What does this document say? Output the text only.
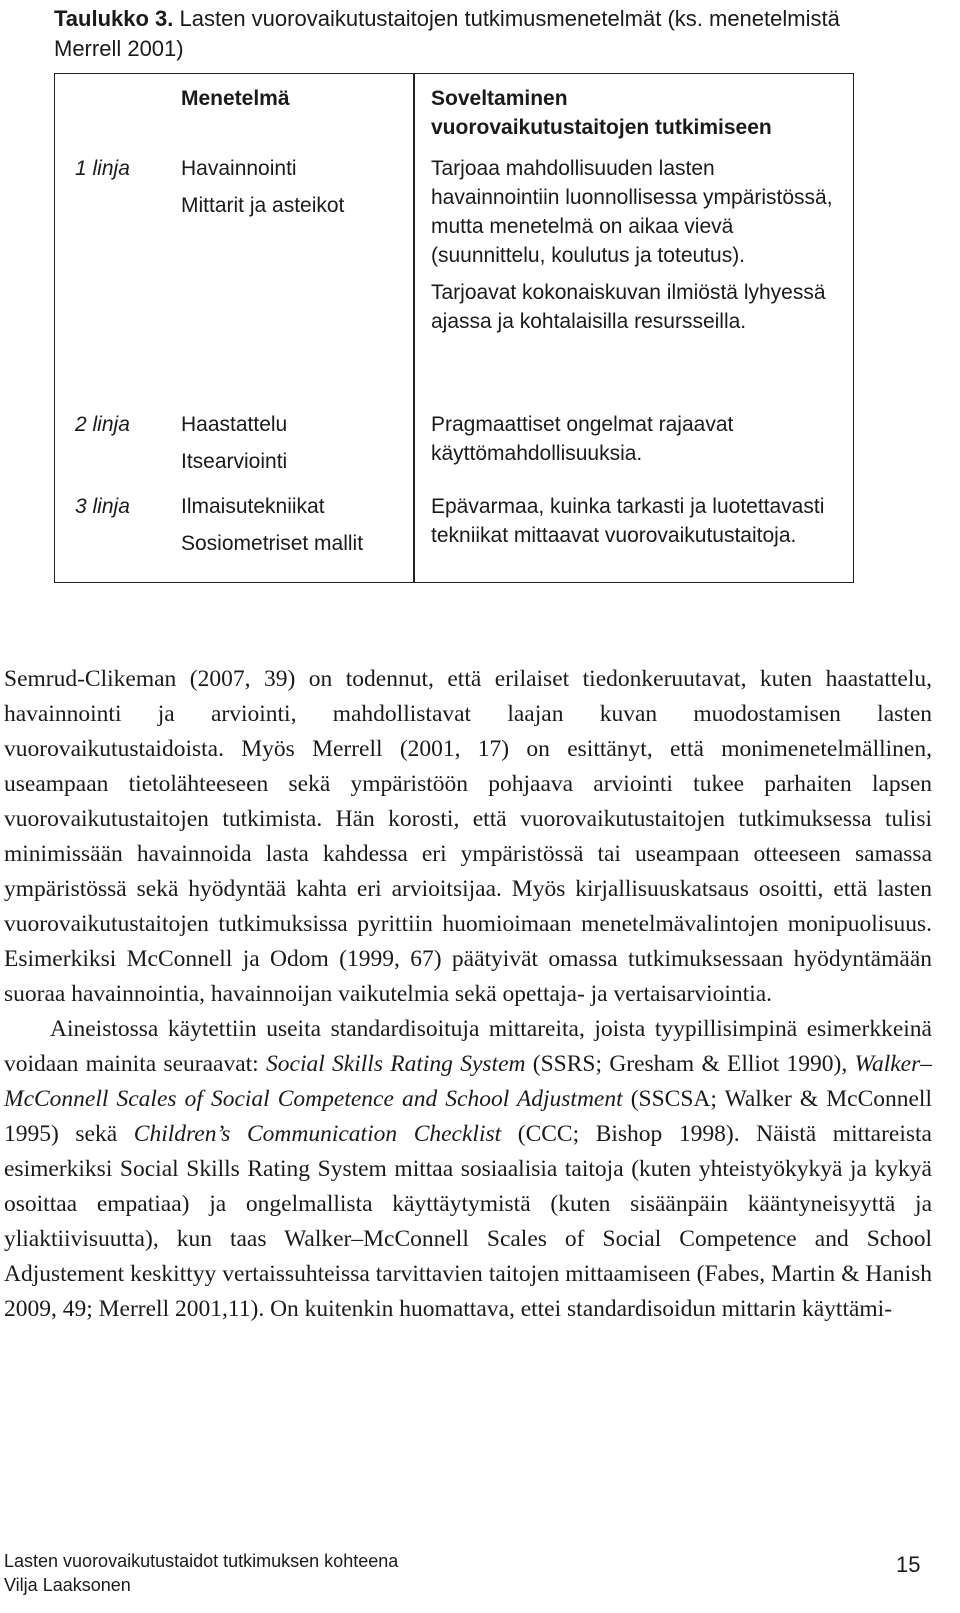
Taulukko 3. Lasten vuorovaikutustaitojen tutkimusmenetelmät (ks. menetelmistä Merrell 2001)
Menetelmä	Soveltaminen
vuorovaikutustaitojen tutkimiseen
1 linja Havainnointi
Mittarit ja asteikot

Tarjoaa mahdollisuuden lasten havainnointiin luonnollisessa ympäristössä, mutta menetelmä on aikaa vievä (suunnittelu, koulutus ja toteutus).

Tarjoavat kokonaiskuvan ilmiöstä lyhyessä ajassa ja kohtalaisilla resursseilla.

2 linja Haastattelu
Itsearviointi

Pragmaattiset ongelmat rajaavat käyttömahdollisuuksia.

3 linja Ilmaisutekniikat
Sosiometriset mallit

Epävarmaa, kuinka tarkasti ja luotettavasti tekniikat mittaavat vuorovaikutustaitoja.

Semrud-Clikeman (2007, 39) on todennut, että erilaiset tiedonkeruutavat, kuten haastattelu, havainnointi ja arviointi, mahdollistavat laajan kuvan muodostamisen lasten vuorovaikutustaidoista. Myös Merrell (2001, 17) on esittänyt, että monimenetelmällinen, useampaan tietolähteeseen sekä ympäristöön pohjaava arviointi tukee parhaiten lapsen vuorovaikutustaitojen tutkimista. Hän korosti, että vuorovaikutustaitojen tutkimuksessa tulisi minimissään havainnoida lasta kahdessa eri ympäristössä tai useampaan otteeseen samassa ympäristössä sekä hyödyntää kahta eri arvioitsijaa. Myös kirjallisuuskatsaus osoitti, että lasten vuorovaikutustaitojen tutkimuksissa pyrittiin huomioimaan menetelmävalintojen monipuolisuus. Esimerkiksi McConnell ja Odom (1999, 67) päätyivät omassa tutkimuksessaan hyödyntämään suoraa havainnointia, havainnoijan vaikutelmia sekä opettaja- ja vertaisarviointia.

Aineistossa käytettiin useita standardisoituja mittareita, joista tyypillisimpinä esimerkkeinä voidaan mainita seuraavat: Social Skills Rating System (SSRS; Gresham & Elliot 1990), Walker–McConnell Scales of Social Competence and School Adjustment (SSCSA; Walker & McConnell 1995) sekä Children’s Communication Checklist (CCC; Bishop 1998). Näistä mittareista esimerkiksi Social Skills Rating System mittaa sosiaalisia taitoja (kuten yhteistyökykyä ja kykyä osoittaa empatiaa) ja ongelmallista käyttäytymistä (kuten sisäänpäin kääntyneisyyttä ja yliaktiivisuutta), kun taas Walker–McConnell Scales of Social Competence and School Adjustement keskittyy vertaissuhteissa tarvittavien taitojen mittaamiseen (Fabes, Martin & Hanish 2009, 49; Merrell 2001,11). On kuitenkin huomattava, ettei standardisoidun mittarin käyttämi-

Lasten vuorovaikutustaidot tutkimuksen kohteena
Vilja Laaksonen
15
